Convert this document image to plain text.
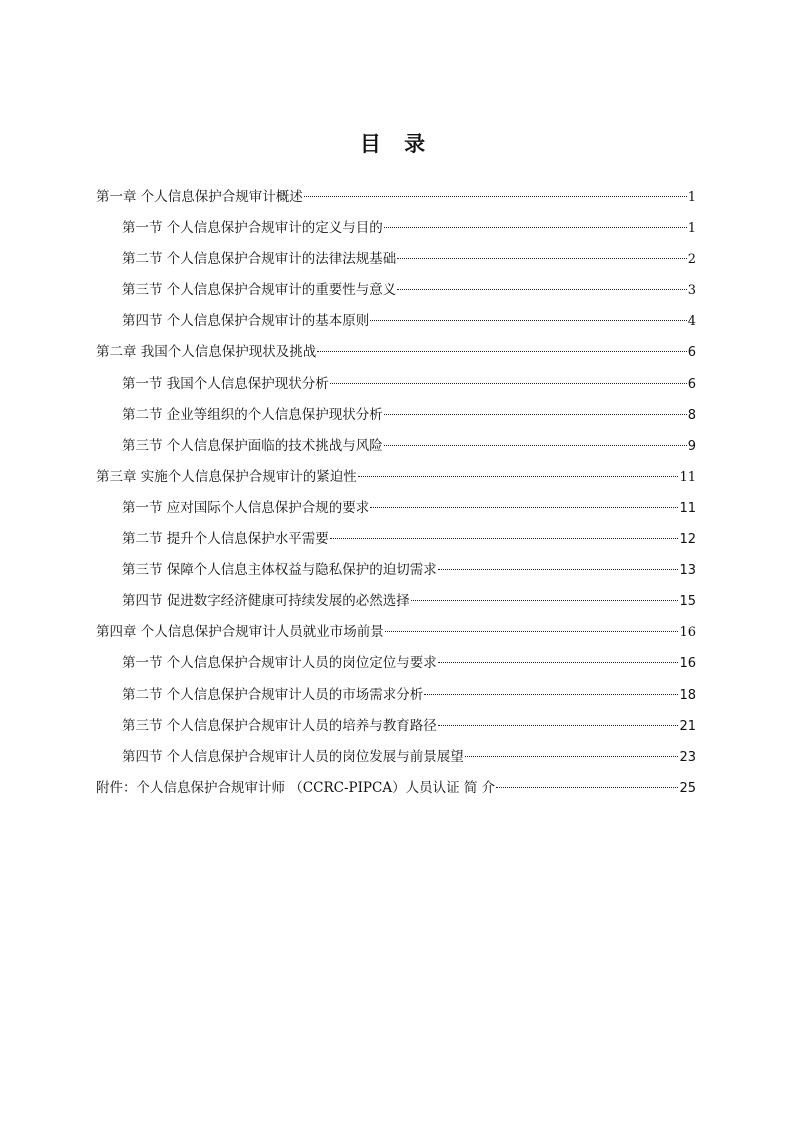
目 录
第一章 个人信息保护合规审计概述	1
第一节 个人信息保护合规审计的定义与目的	1
第二节 个人信息保护合规审计的法律法规基础	2
第三节 个人信息保护合规审计的重要性与意义	3
第四节 个人信息保护合规审计的基本原则	4
第二章 我国个人信息保护现状及挑战	6
第一节 我国个人信息保护现状分析	6
第二节 企业等组织的个人信息保护现状分析	8
第三节 个人信息保护面临的技术挑战与风险	9
第三章 实施个人信息保护合规审计的紧迫性	11
第一节 应对国际个人信息保护合规的要求	11
第二节 提升个人信息保护水平需要	12
第三节 保障个人信息主体权益与隐私保护的迫切需求	13
第四节 促进数字经济健康可持续发展的必然选择	15
第四章 个人信息保护合规审计人员就业市场前景	16
第一节 个人信息保护合规审计人员的岗位定位与要求	16
第二节 个人信息保护合规审计人员的市场需求分析	18
第三节 个人信息保护合规审计人员的培养与教育路径	21
第四节 个人信息保护合规审计人员的岗位发展与前景展望	23
附件：个人信息保护合规审计师 （CCRC-PIPCA）人员认证 简 介	25
